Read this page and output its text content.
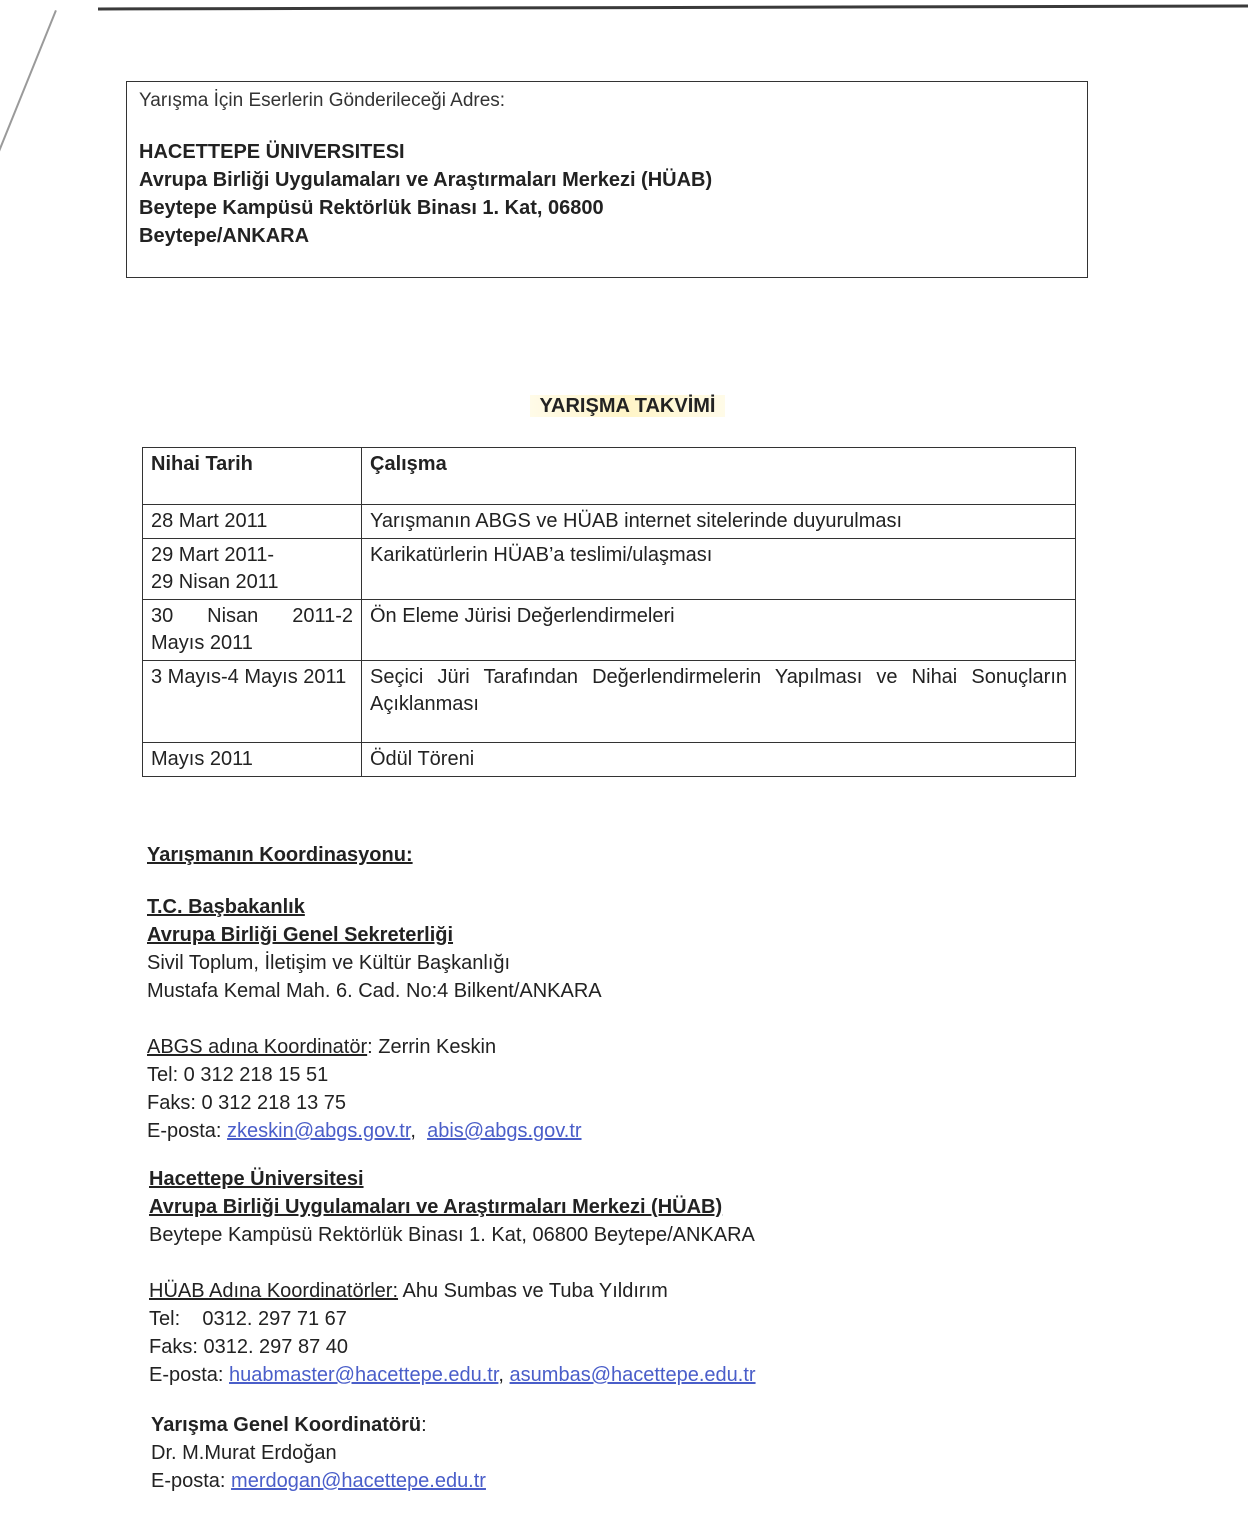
Yarışma İçin Eserlerin Gönderileceği Adres:
HACETTEPE ÜNIVERSITESI
Avrupa Birliği Uygulamaları ve Araştırmaları Merkezi (HÜAB)
Beytepe Kampüsü Rektörlük Binası 1. Kat, 06800
Beytepe/ANKARA
YARIŞMA TAKVİMİ
Nihai Tarih	Çalışma
28 Mart 2011	Yarışmanın ABGS ve HÜAB internet sitelerinde duyurulması
29 Mart 2011-
29 Nisan 2011	Karikatürlerin HÜAB’a teslimi/ulaşması
30 Nisan 2011-2 Mayıs 2011	Ön Eleme Jürisi Değerlendirmeleri
3 Mayıs-4 Mayıs 2011	Seçici Jüri Tarafından Değerlendirmelerin Yapılması ve Nihai Sonuçların Açıklanması
Mayıs 2011	Ödül Töreni
Yarışmanın Koordinasyonu:
T.C. Başbakanlık
Avrupa Birliği Genel Sekreterliği
Sivil Toplum, İletişim ve Kültür Başkanlığı
Mustafa Kemal Mah. 6. Cad. No:4 Bilkent/ANKARA
ABGS adına Koordinatör: Zerrin Keskin
Tel: 0 312 218 15 51
Faks: 0 312 218 13 75
E-posta: zkeskin@abgs.gov.tr,  abis@abgs.gov.tr
Hacettepe Üniversitesi
Avrupa Birliği Uygulamaları ve Araştırmaları Merkezi (HÜAB)
Beytepe Kampüsü Rektörlük Binası 1. Kat, 06800 Beytepe/ANKARA
HÜAB Adına Koordinatörler: Ahu Sumbas ve Tuba Yıldırım
Tel:    0312. 297 71 67
Faks: 0312. 297 87 40
E-posta: huabmaster@hacettepe.edu.tr, asumbas@hacettepe.edu.tr
Yarışma Genel Koordinatörü:
Dr. M.Murat Erdoğan
E-posta: merdogan@hacettepe.edu.tr
